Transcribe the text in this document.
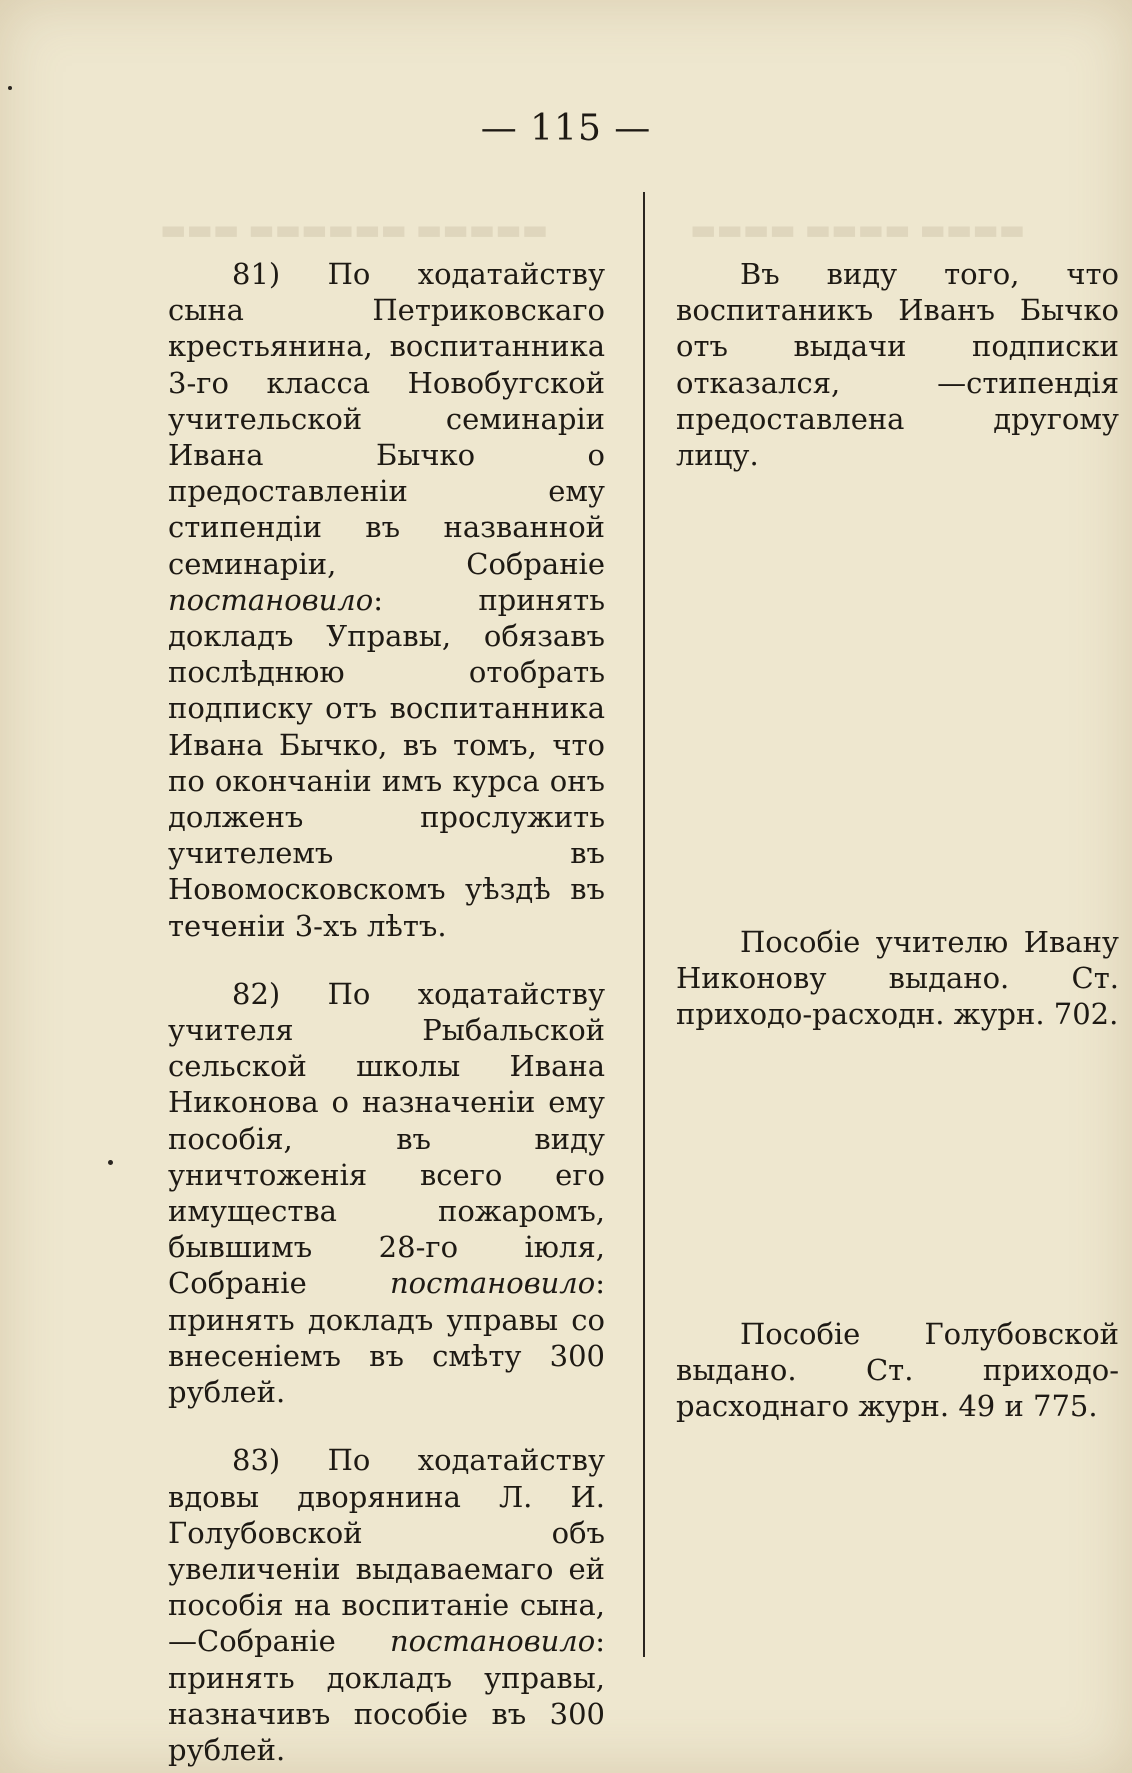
▬▬▬ ▬▬▬▬▬▬ ▬▬▬▬▬	▬▬▬▬ ▬▬▬▬ ▬▬▬▬
— 115 —

81) По ходатайству сына Петриковскаго крестьянина, воспитанника 3-го класса Новобугской учительской семинаріи Ивана Бычко о предоставленіи ему стипендіи въ названной семинаріи, Собраніе постановило: принять докладъ Управы, обязавъ послѣднюю отобрать подписку отъ воспитанника Ивана Бычко, въ томъ, что по окончаніи имъ курса онъ долженъ прослужить учителемъ въ Новомосковскомъ уѣздѣ въ теченіи 3-хъ лѣтъ.

82) По ходатайству учителя Рыбальской сельской школы Ивана Никонова о назначеніи ему пособія, въ виду уничтоженія всего его имущества пожаромъ, бывшимъ 28-го іюля, Собраніе	постановило: принять докладъ управы со внесеніемъ въ смѣту 300 рублей.

83) По ходатайству вдовы дворянина Л. И. Голубовской объ увеличеніи выдаваемаго ей пособія на воспитаніе сына, —Собраніе постановило: принять докладъ управы, назначивъ пособіе въ 300 рублей.

Въ виду того, что воспитаникъ Иванъ Бычко отъ выдачи подписки отказался, —стипендія предоставлена другому лицу.

Пособіе учителю Ивану Никонову выдано. Ст. приходо-расходн. журн. 702.

Пособіе Голубовской выдано. Ст. приходо-расходнаго журн. 49 и 775.
